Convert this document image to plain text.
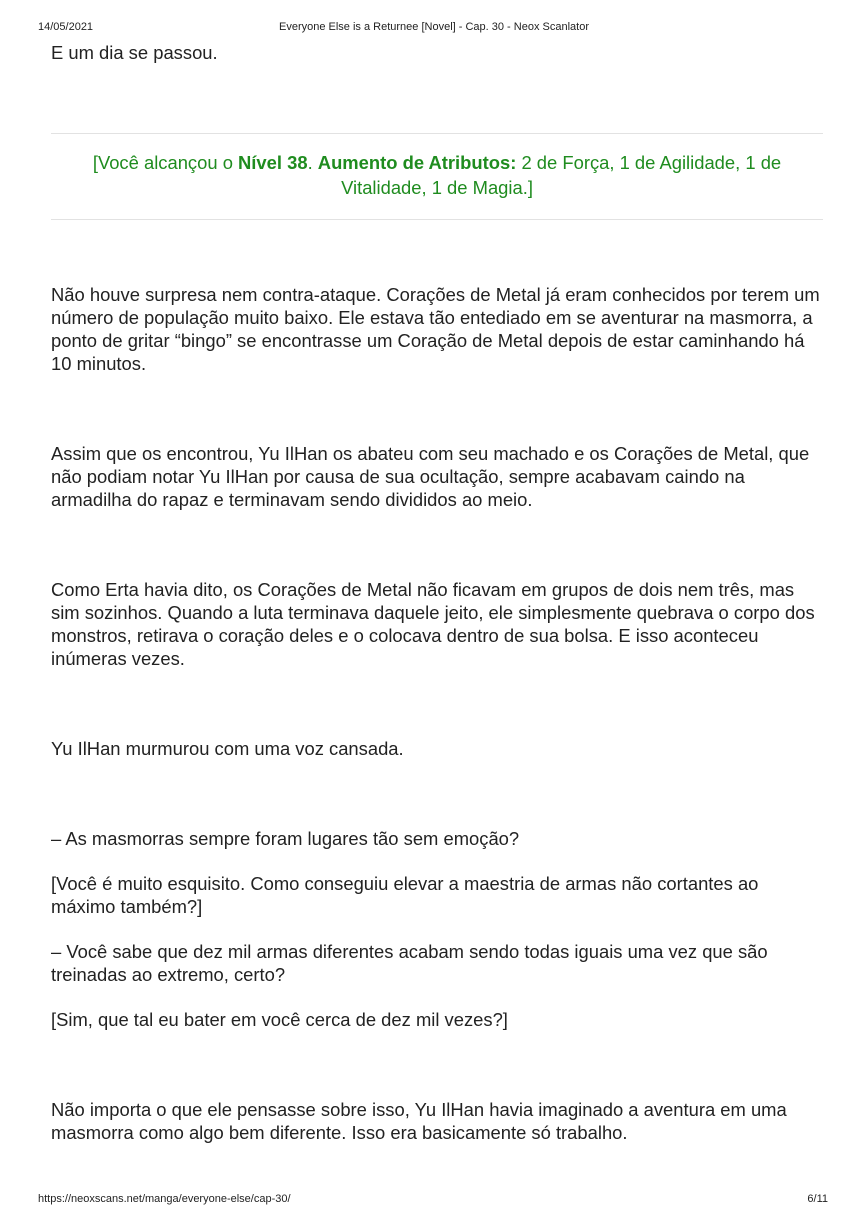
14/05/2021	Everyone Else is a Returnee [Novel] - Cap. 30 - Neox Scanlator

E um dia se passou.

[Você alcançou o Nível 38. Aumento de Atributos: 2 de Força, 1 de Agilidade, 1 de Vitalidade, 1 de Magia.]

Não houve surpresa nem contra-ataque. Corações de Metal já eram conhecidos por terem um número de população muito baixo. Ele estava tão entediado em se aventurar na masmorra, a ponto de gritar “bingo” se encontrasse um Coração de Metal depois de estar caminhando há 10 minutos.

Assim que os encontrou, Yu IlHan os abateu com seu machado e os Corações de Metal, que não podiam notar Yu IlHan por causa de sua ocultação, sempre acabavam caindo na armadilha do rapaz e terminavam sendo divididos ao meio.

Como Erta havia dito, os Corações de Metal não ficavam em grupos de dois nem três, mas sim sozinhos. Quando a luta terminava daquele jeito, ele simplesmente quebrava o corpo dos monstros, retirava o coração deles e o colocava dentro de sua bolsa. E isso aconteceu inúmeras vezes.

Yu IlHan murmurou com uma voz cansada.

– As masmorras sempre foram lugares tão sem emoção?

[Você é muito esquisito. Como conseguiu elevar a maestria de armas não cortantes ao máximo também?]

– Você sabe que dez mil armas diferentes acabam sendo todas iguais uma vez que são treinadas ao extremo, certo?

[Sim, que tal eu bater em você cerca de dez mil vezes?]

Não importa o que ele pensasse sobre isso, Yu IlHan havia imaginado a aventura em uma masmorra como algo bem diferente. Isso era basicamente só trabalho.

https://neoxscans.net/manga/everyone-else/cap-30/	6/11
